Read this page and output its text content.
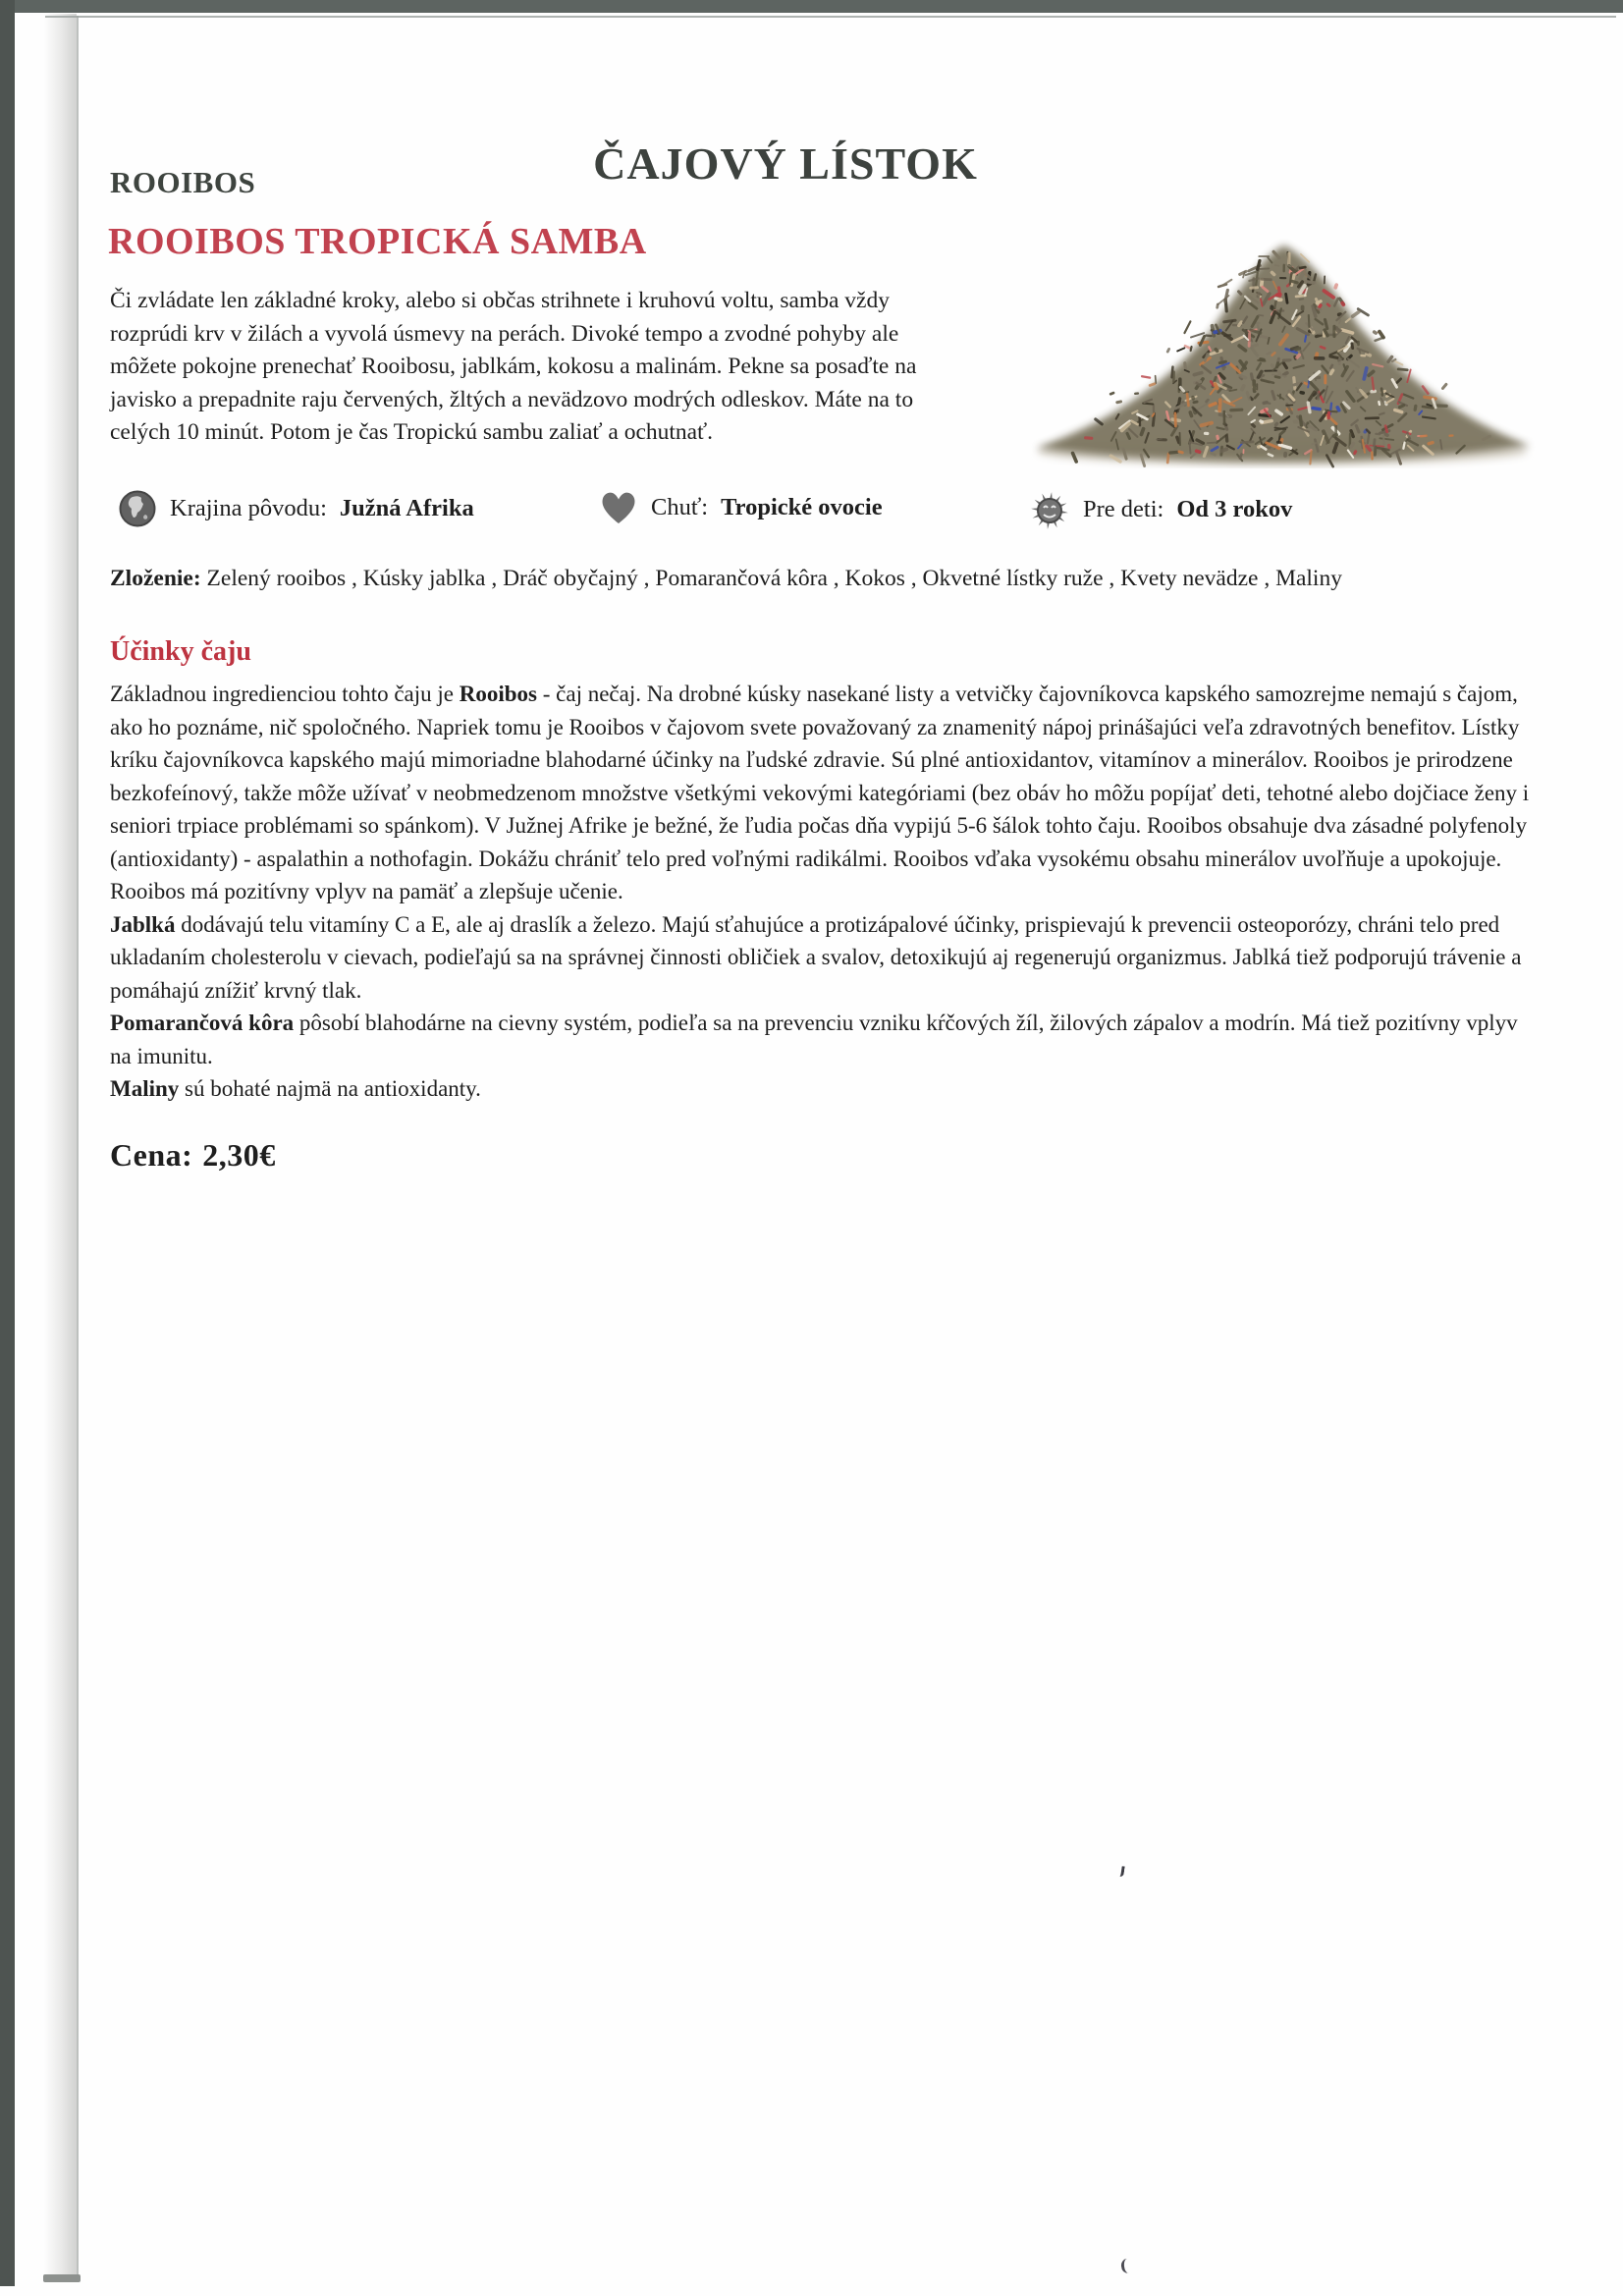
ROOIBOS	ČAJOVÝ LÍSTOK
ROOIBOS TROPICKÁ SAMBA
Či zvládate len základné kroky, alebo si občas strihnete i kruhovú voltu, samba vždy rozprúdi krv v žilách a vyvolá úsmevy na perách. Divoké tempo a zvodné pohyby ale môžete pokojne prenechať Rooibosu, jablkám, kokosu a malinám. Pekne sa posaďte na javisko a prepadnite raju červených, žltých a nevädzovo modrých odleskov. Máte na to celých 10 minút. Potom je čas Tropickú sambu zaliať a ochutnať.
Krajina pôvodu: Južná Afrika	Chuť: Tropické ovocie	Pre deti: Od 3 rokov
Zloženie: Zelený rooibos , Kúsky jablka , Dráč obyčajný , Pomarančová kôra , Kokos , Okvetné lístky ruže , Kvety nevädze , Maliny
Účinky čaju
Základnou ingredienciou tohto čaju je Rooibos - čaj nečaj. Na drobné kúsky nasekané listy a vetvičky čajovníkovca kapského samozrejme nemajú s čajom, ako ho poznáme, nič spoločného. Napriek tomu je Rooibos v čajovom svete považovaný za znamenitý nápoj prinášajúci veľa zdravotných benefitov. Lístky kríku čajovníkovca kapského majú mimoriadne blahodarné účinky na ľudské zdravie. Sú plné antioxidantov, vitamínov a minerálov. Rooibos je prirodzene bezkofeínový, takže môže užívať v neobmedzenom množstve všetkými vekovými kategóriami (bez obáv ho môžu popíjať deti, tehotné alebo dojčiace ženy i seniori trpiace problémami so spánkom). V Južnej Afrike je bežné, že ľudia počas dňa vypijú 5-6 šálok tohto čaju. Rooibos obsahuje dva zásadné polyfenoly (antioxidanty) - aspalathin a nothofagin. Dokážu chrániť telo pred voľnými radikálmi. Rooibos vďaka vysokému obsahu minerálov uvoľňuje a upokojuje. Rooibos má pozitívny vplyv na pamäť a zlepšuje učenie.
Jablká dodávajú telu vitamíny C a E, ale aj draslík a železo. Majú sťahujúce a protizápalové účinky, prispievajú k prevencii osteoporózy, chráni telo pred ukladaním cholesterolu v cievach, podieľajú sa na správnej činnosti obličiek a svalov, detoxikujú aj regenerujú organizmus. Jablká tiež podporujú trávenie a pomáhajú znížiť krvný tlak.
Pomarančová kôra pôsobí blahodárne na cievny systém, podieľa sa na prevenciu vzniku kŕčových žíl, žilových zápalov a modrín. Má tiež pozitívny vplyv na imunitu.
Maliny sú bohaté najmä na antioxidanty.
Cena: 2,30€
